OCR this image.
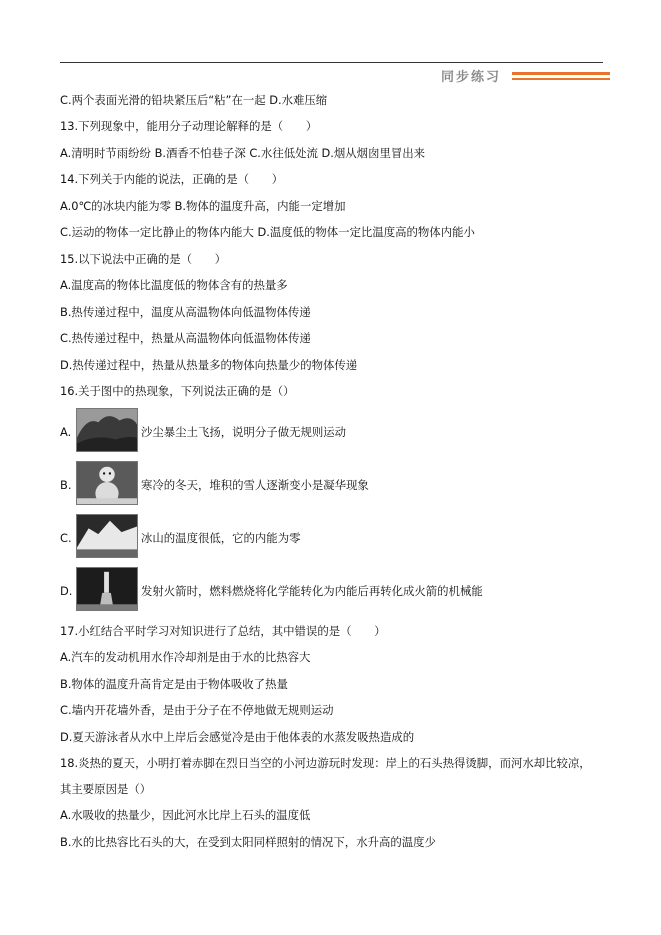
同步练习
C.两个表面光滑的铅块紧压后“粘”在一起 D.水难压缩
13.下列现象中，能用分子动理论解释的是（　　）
A.清明时节雨纷纷 B.酒香不怕巷子深 C.水往低处流 D.烟从烟囱里冒出来
14.下列关于内能的说法，正确的是（　　）
A.0℃的冰块内能为零 B.物体的温度升高，内能一定增加
C.运动的物体一定比静止的物体内能大 D.温度低的物体一定比温度高的物体内能小
15.以下说法中正确的是（　　）
A.温度高的物体比温度低的物体含有的热量多
B.热传递过程中，温度从高温物体向低温物体传递
C.热传递过程中，热量从高温物体向低温物体传递
D.热传递过程中，热量从热量多的物体向热量少的物体传递
16.关于图中的热现象，下列说法正确的是（）
A.	沙尘暴尘土飞扬，说明分子做无规则运动
B.	寒冷的冬天，堆积的雪人逐渐变小是凝华现象
C.	冰山的温度很低，它的内能为零
D.	发射火箭时，燃料燃烧将化学能转化为内能后再转化成火箭的机械能
17.小红结合平时学习对知识进行了总结，其中错误的是（　　）
A.汽车的发动机用水作冷却剂是由于水的比热容大
B.物体的温度升高肯定是由于物体吸收了热量
C.墙内开花墙外香，是由于分子在不停地做无规则运动
D.夏天游泳者从水中上岸后会感觉冷是由于他体表的水蒸发吸热造成的
18.炎热的夏天，小明打着赤脚在烈日当空的小河边游玩时发现：岸上的石头热得烫脚，而河水却比较凉，
其主要原因是（）
A.水吸收的热量少，因此河水比岸上石头的温度低
B.水的比热容比石头的大，在受到太阳同样照射的情况下，水升高的温度少
